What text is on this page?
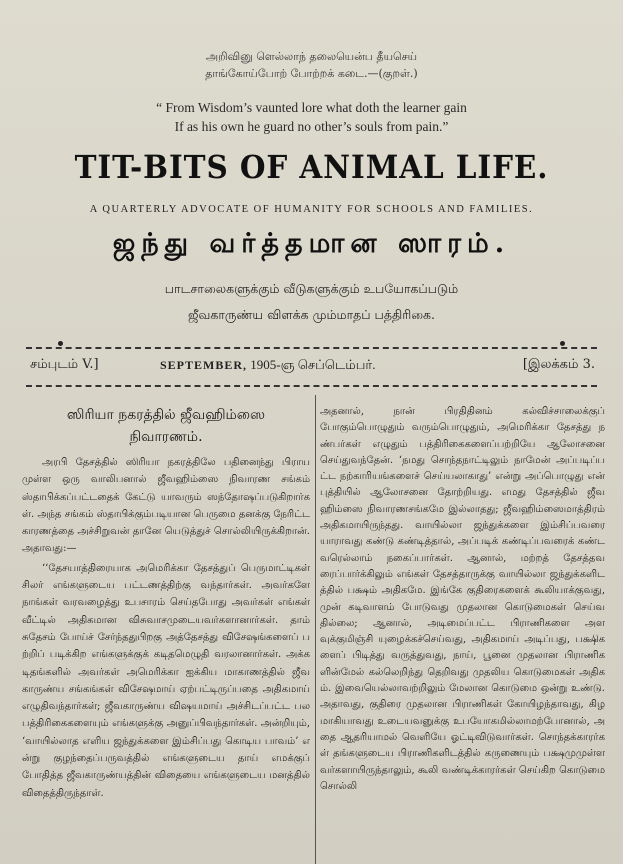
அறிவினு ளெல்லாந் தலையென்ப தீயசெய்
தாங்கோய்போற் போற்றக் கடை.—(குறள்.)
“ From Wisdom’s vaunted lore what doth the learner gain
If as his own he guard no other’s souls from pain.”
TIT-BITS OF ANIMAL LIFE.
A QUARTERLY ADVOCATE OF HUMANITY FOR SCHOOLS AND FAMILIES.
ஜந்து வர்த்தமான ஸாரம்.
பாடசாலைகளுக்கும் வீடுகளுக்கும் உபயோகப்படும்
ஜீவகாருண்ய விளக்க மும்மாதப் பத்திரிகை.
சம்புடம் V.]	SEPTEMBER, 1905-ஞ செப்டெம்பர்.	[இலக்கம் 3.
ஸிரியா நகரத்தில் ஜீவஹிம்ஸை
நிவாரணம்.

அரபி தேசத்தில் ஸிரியா நகரத்திலே பதினைந்து பிராயமுள்ள ஒரு வாலிபனால் ஜீவஹிம்ஸை நிவாரண சங்கம் ஸ்தாபிக்கப்பட்டதைக் கேட்டு யாவரும் ஸந்தோஷப்படுகிறார்கள். அந்த சங்கம் ஸ்தாபிக்கும்படியான பெருமை தனக்கு நேரிட்ட காரணத்தை அச்சிறுவன் தானே யெடுத்துச் சொல்லியிருக்கிறான். அதாவது:—

‘‘தேசயாத்திரையாக அமெரிக்கா தேசத்துப் பெருமாட்டிகள் சிலர் எங்களுடைய பட்டணத்திற்கு வந்தார்கள். அவர்களே நாங்கள் வரவழைத்து உபசாரம் செய்தபோது அவர்கள் எங்கள் வீட்டில் அதிகமான விசுவாசமுடையவர்களானார்கள். தாம் சுதேசம் போய்ச் சேர்ந்ததுபிறகு அத்தேசத்து விசேஷங்களைப் பற்றிப் படிக்கிற எங்களுக்குக் கடிதமெழுதி வரலானார்கள். அக்கடிதங்களில் அவர்கள் அமெரிக்கா ஐக்கிய மாகாணத்தில் ஜீவகாருண்ய சங்கங்கள் விசேஷமாய் ஏற்பட்டிருப்பதை அதிகமாய் எழுதிவந்தார்கள்; ஜீவகாருண்ய விஷயமாய் அச்சிடப்பட்ட பல பத்திரிகைகளையும் எங்களுக்கு அனுப்பிவந்தார்கள். அன்றியும், ‘வாயில்லாத எளிய ஜந்துக்களை இம்சிப்பது கொடிய பாவம்’ என்று குழந்தைப்பருவத்தில் எங்களுடைய தாய் எமக்குப் போதித்த ஜீவகாருண்யத்தின் விதையை எங்களுடைய மனத்தில் விதைத்திருந்தாள்.

அதனால், நான் பிரதிதினம் கல்விச்சாலைக்குப் போகும்பொழுதும் வரும்பொழுதும், அமெரிக்கா தேசத்து நண்பர்கள் எழுதும் பத்திரிகைகளைப்பற்றியே ஆலோசனை செய்துவந்தேன். ‘நமது சொந்தநாட்டிலும் நாமேன் அப்படிப்பட்ட நற்காரியங்களைச் செய்யலாகாது’ என்று அப்பொழுது என் புத்தியில் ஆலோசனை தோற்றியது. எமது தேசத்தில் ஜீவஹிம்ஸை நிவாரணசங்கமே இல்லாதது; ஜீவஹிம்ஸைமாத்திரம் அதிகமாயிருந்தது. வாயில்லா ஜந்துக்களை இம்சிப்பவரை யாராவது கண்டு கண்டித்தால், அப்படிக் கண்டிப்பவரைக் கண்டவரெல்லாம் நகைப்பார்கள். ஆனால், மற்றத் தேசத்தவரைப்பார்க்கிலும் எங்கள் தேசத்தாருக்கு வாயில்லா ஜந்துக்களிடத்தில் பக்ஷம் அதிகமே. இங்கே குதிரைகளைக் கூலியாக்குவது, முன் கடிவாளம் போடுவது முதலான கொடுமைகள் செய்வதில்லை; ஆனால், அடிமைப்பட்ட பிராணிகளை அளவுக்குமிஞ்சி யுழைக்கச்செய்வது, அதிகமாய் அடிப்பது, பக்ஷிகளைப் பிடித்து வருத்துவது, நாய், பூனை முதலான பிராணிகளின்மேல் கல்லெறிந்து தெறிவது முதலிய கொடுமைகள் அதிகம். இவையெல்லாவற்றிலும் மேலான கொடுமை ஒன்று உண்டு. அதாவது, குதிரை முதலான பிராணிகள் கோயிழந்தாவது, கிழமாகியாவது உடையவனுக்கு உபயோகமில்லாமற்போனால், அதை ஆதரியாமல் வெளியே ஓட்டிவிடுவார்கள். சொந்தக்காரர்கள் தங்களுடைய பிராணிகளிடத்தில் கருணையும் பக்ஷமுமுள்ளவர்களாயிருந்தாலும், கூலி வண்டிக்காரர்கள் செய்கிற கொடுமை சொல்லி
